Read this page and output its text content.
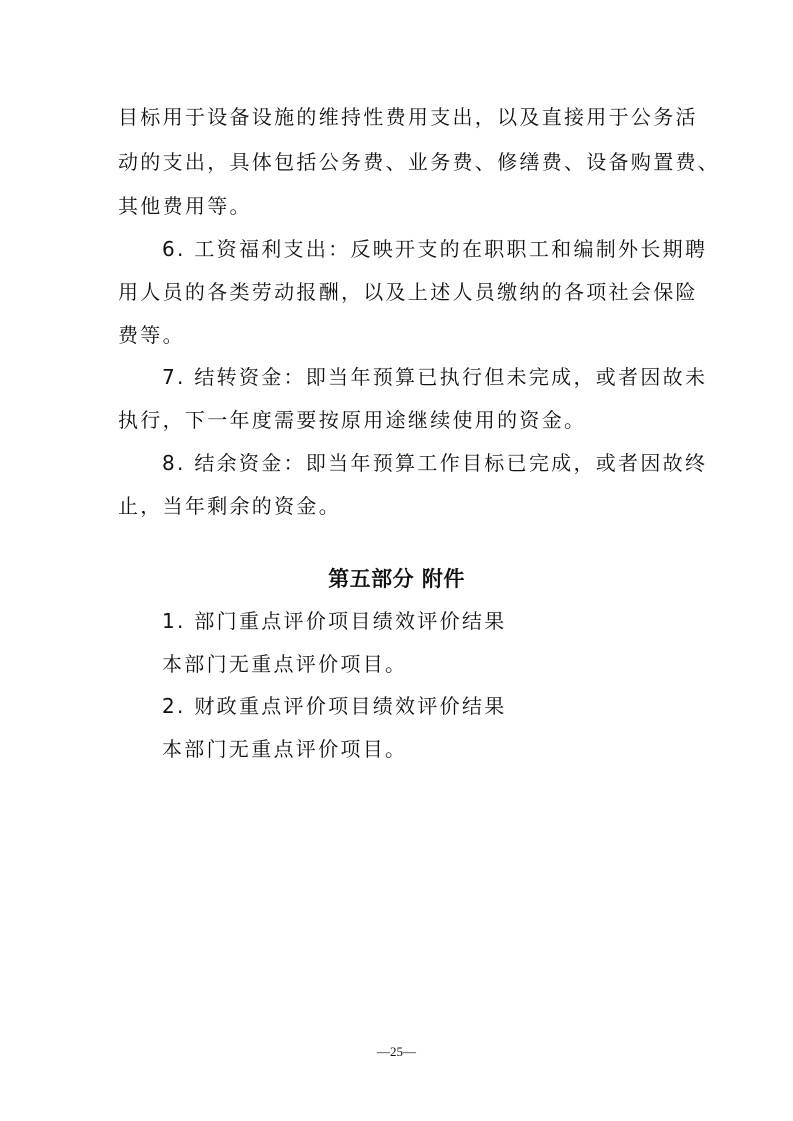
目标用于设备设施的维持性费用支出，以及直接用于公务活
动的支出，具体包括公务费、业务费、修缮费、设备购置费、
其他费用等。
6. 工资福利支出：反映开支的在职职工和编制外长期聘
用人员的各类劳动报酬，以及上述人员缴纳的各项社会保险
费等。
7. 结转资金：即当年预算已执行但未完成，或者因故未
执行，下一年度需要按原用途继续使用的资金。
8. 结余资金：即当年预算工作目标已完成，或者因故终
止，当年剩余的资金。
第五部分 附件
1. 部门重点评价项目绩效评价结果
本部门无重点评价项目。
2. 财政重点评价项目绩效评价结果
本部门无重点评价项目。
—25—
